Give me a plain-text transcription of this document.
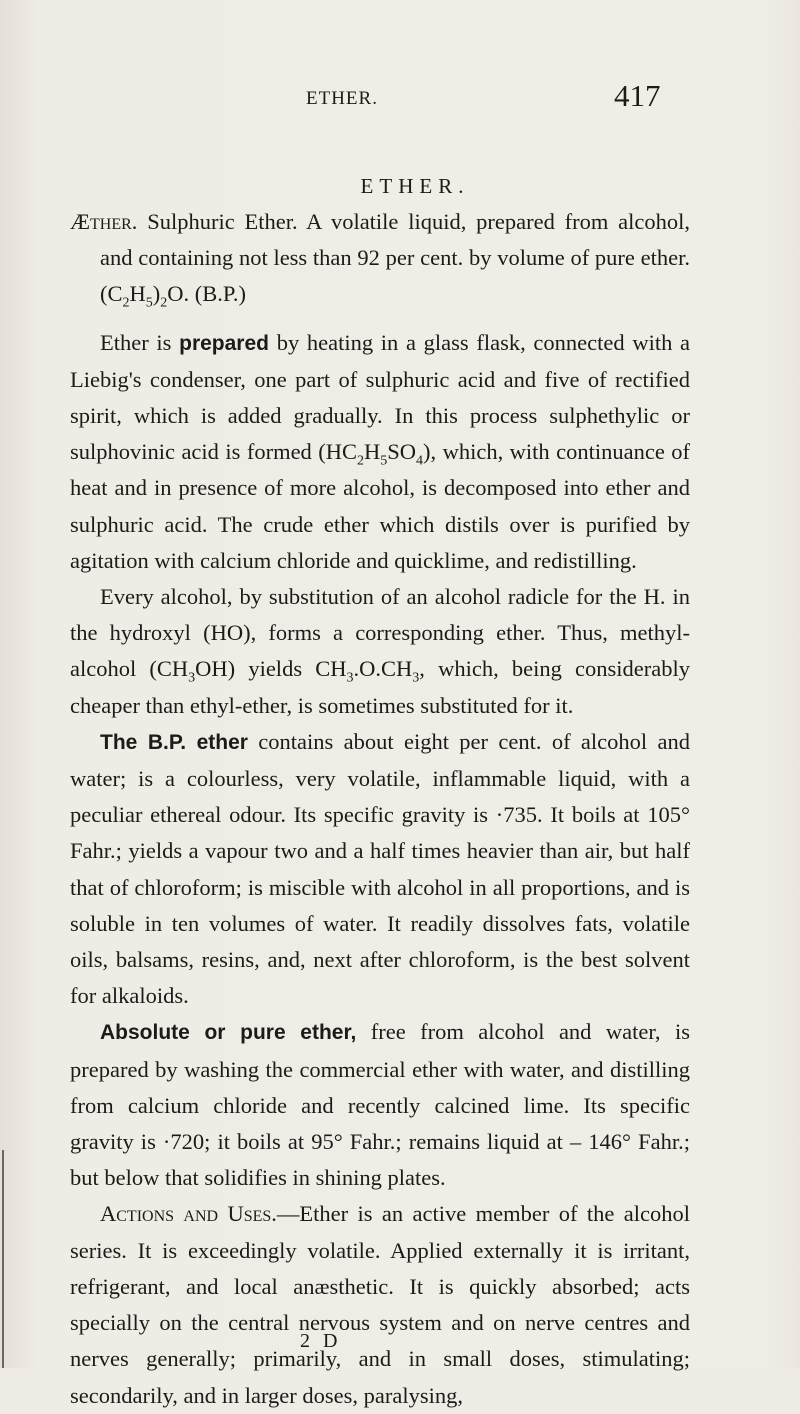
ETHER.	417
ETHER.

Æther. Sulphuric Ether. A volatile liquid, prepared from alcohol, and containing not less than 92 per cent. by volume of pure ether. $(C_2H_5)_2O$. (B.P.)

Ether is prepared by heating in a glass flask, connected with a Liebig's condenser, one part of sulphuric acid and five of rectified spirit, which is added gradually. In this process sulphethylic or sulphovinic acid is formed $(HC_2H_5SO_4)$, which, with continuance of heat and in presence of more alcohol, is decomposed into ether and sulphuric acid. The crude ether which distils over is purified by agitation with calcium chloride and quicklime, and redistilling.

Every alcohol, by substitution of an alcohol radicle for the H. in the hydroxyl (HO), forms a corresponding ether. Thus, methyl-alcohol $(CH_3OH)$ yields $CH_3.O.CH_3$, which, being considerably cheaper than ethyl-ether, is sometimes substituted for it.

The B.P. ether contains about eight per cent. of alcohol and water; is a colourless, very volatile, inflammable liquid, with a peculiar ethereal odour. Its specific gravity is ·735. It boils at 105° Fahr.; yields a vapour two and a half times heavier than air, but half that of chloroform; is miscible with alcohol in all proportions, and is soluble in ten volumes of water. It readily dissolves fats, volatile oils, balsams, resins, and, next after chloroform, is the best solvent for alkaloids.

Absolute or pure ether, free from alcohol and water, is prepared by washing the commercial ether with water, and distilling from calcium chloride and recently calcined lime. Its specific gravity is ·720; it boils at 95° Fahr.; remains liquid at – 146° Fahr.; but below that solidifies in shining plates.

Actions and Uses.—Ether is an active member of the alcohol series. It is exceedingly volatile. Applied externally it is irritant, refrigerant, and local anæsthetic. It is quickly absorbed; acts specially on the central nervous system and on nerve centres and nerves generally; primarily, and in small doses, stimulating; secondarily, and in larger doses, paralysing,

2 D
